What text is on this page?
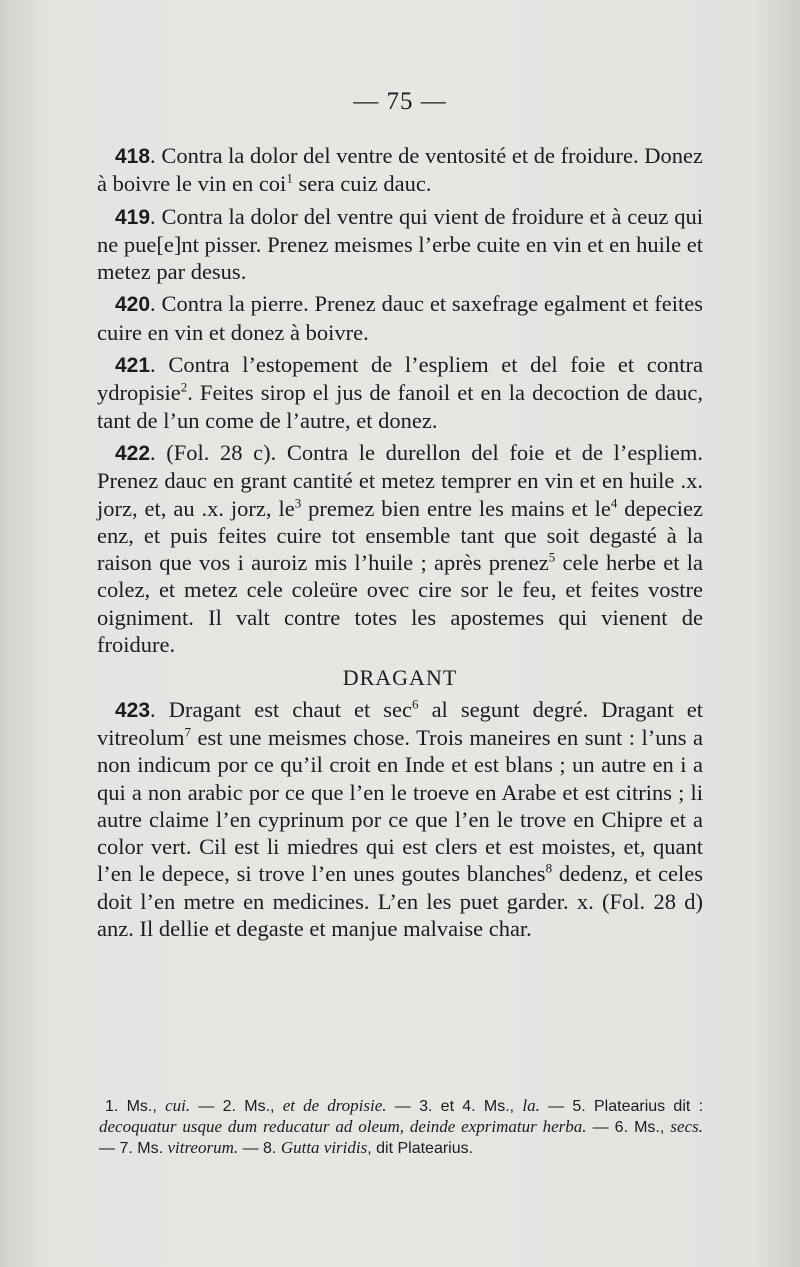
— 75 —

418. Contra la dolor del ventre de ventosité et de froidure. Donez à boivre le vin en coi$^1$ sera cuiz dauc.

419. Contra la dolor del ventre qui vient de froidure et à ceuz qui ne pue[e]nt pisser. Prenez meismes l’erbe cuite en vin et en huile et metez par desus.

420. Contra la pierre. Prenez dauc et saxefrage egalment et feites cuire en vin et donez à boivre.

421. Contra l’estopement de l’espliem et del foie et contra ydropisie$^2$. Feites sirop el jus de fanoil et en la decoction de dauc, tant de l’un come de l’autre, et donez.

422. (Fol. 28 c). Contra le durellon del foie et de l’espliem. Prenez dauc en grant cantité et metez temprer en vin et en huile .x. jorz, et, au .x. jorz, $le^3$ premez bien entre les mains et $le^4$ depeciez enz, et puis feites cuire tot ensemble tant que soit degasté à la raison que vos i auroiz mis l’huile ; après prenez$^5$ cele herbe et la colez, et metez cele coleüre ovec cire sor le feu, et feites vostre oigniment. Il valt contre totes les apostemes qui vienent de froidure.

DRAGANT

423. Dragant est chaut et $\sec^6$ al segunt degré. Dragant et vitreolum$^7$ est une meismes chose. Trois maneires en sunt : l’uns a non indicum por ce qu’il croit en Inde et est blans ; un autre en i a qui a non arabic por ce que l’en le troeve en Arabe et est citrins ; li autre claime l’en cyprinum por ce que l’en le trove en Chipre et a color vert. Cil est li miedres qui est clers et est moistes, et, quant l’en le depece, si trove l’en unes goutes blanches$^8$ dedenz, et celes doit l’en metre en medicines. L’en les puet garder. x. (Fol. 28 d) anz. Il dellie et degaste et manjue malvaise char.

1. Ms., cui. — 2. Ms., et de dropisie. — 3. et 4. Ms., la. — 5. Platearius dit : decoquatur usque dum reducatur ad oleum, deinde exprimatur herba. — 6. Ms., secs. — 7. Ms. vitreorum. — 8. Gutta viridis, dit Platearius.
